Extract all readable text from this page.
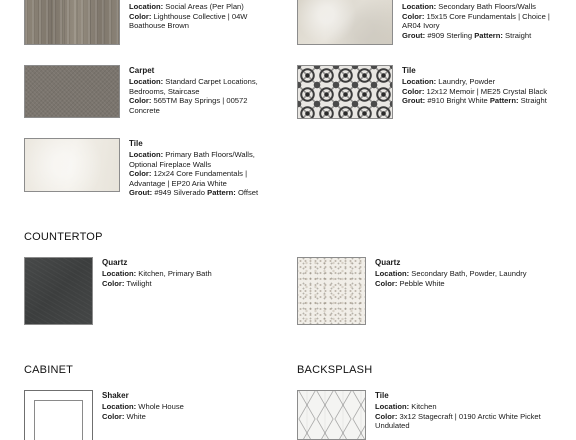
Location: Social Areas (Per Plan)
Color: Lighthouse Collective | 04W Boathouse Brown
Carpet
Location: Standard Carpet Locations, Bedrooms, Staircase
Color: 565TM Bay Springs | 00572 Concrete
Tile
Location: Primary Bath Floors/Walls, Optional Fireplace Walls
Color: 12x24 Core Fundamentals | Advantage | EP20 Aria White
Grout: #949 Silverado Pattern: Offset
Location: Secondary Bath Floors/Walls
Color: 15x15 Core Fundamentals | Choice | AR04 Ivory
Grout: #909 Sterling Pattern: Straight
Tile
Location: Laundry, Powder
Color: 12x12 Memoir | ME25 Crystal Black
Grout: #910 Bright White Pattern: Straight
COUNTERTOP
Quartz
Location: Kitchen, Primary Bath
Color: Twilight
Quartz
Location: Secondary Bath, Powder, Laundry
Color: Pebble White
CABINET
Shaker
Location: Whole House
Color: White
BACKSPLASH
Tile
Location: Kitchen
Color: 3x12 Stagecraft | 0190 Arctic White Picket Undulated
